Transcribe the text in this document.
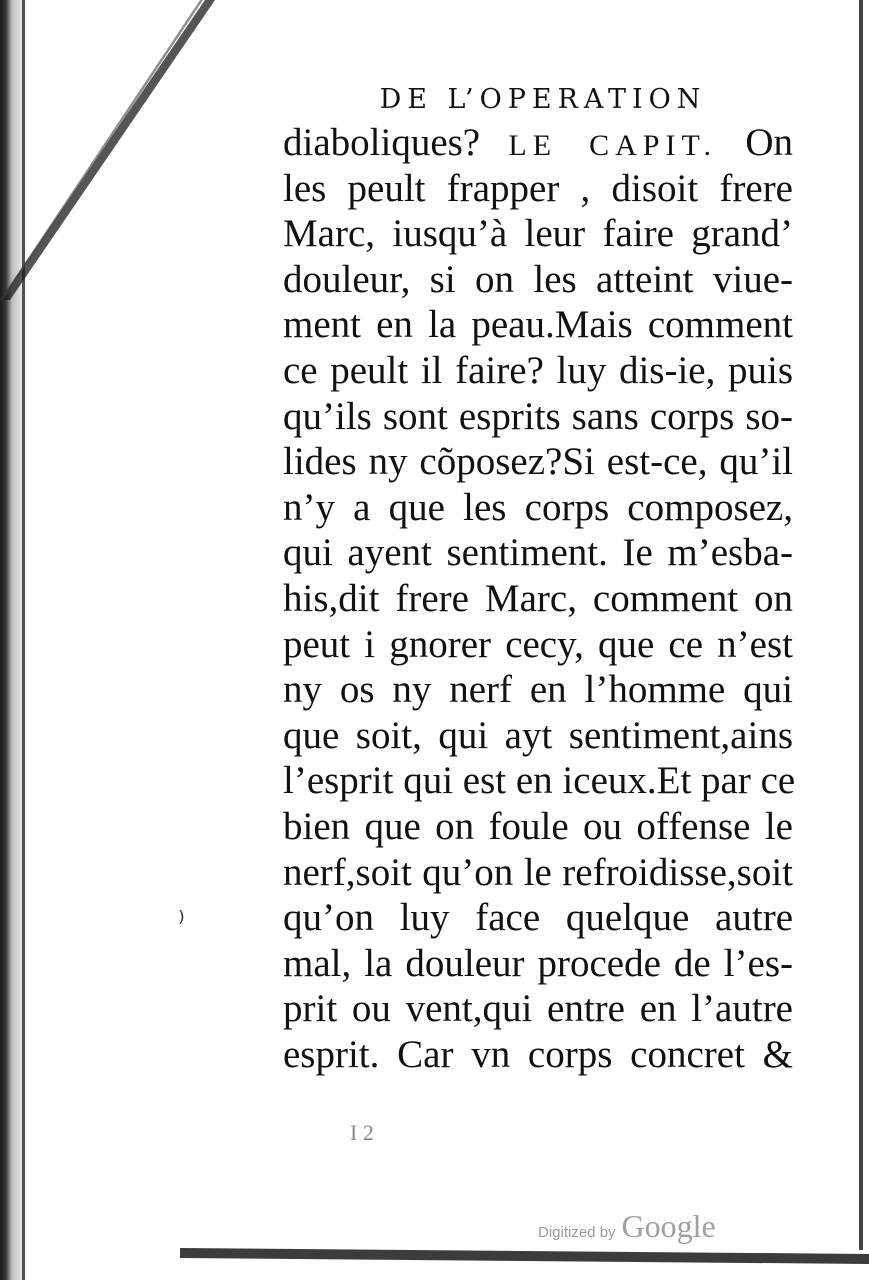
DE L’OPERATION
diaboliques? LE CAPIT. On
les peult frapper , disoit frere
Marc, iusqu’à leur faire grand’
douleur, si on les atteint viue-
ment en la peau.Mais comment
ce peult il faire? luy dis-ie, puis
qu’ils sont esprits sans corps so-
lides ny cõposez?Si est-ce, qu’il
n’y a que les corps composez,
qui ayent sentiment. Ie m’esba-
his,dit frere Marc, comment on
peut i gnorer cecy, que ce n’est
ny os ny nerf en l’homme qui
que soit, qui ayt sentiment,ains
l’esprit qui est en iceux.Et par ce
bien que on foule ou offense le
nerf,soit qu’on le refroidisse,soit
qu’on luy face quelque autre
mal, la douleur procede de l’es-
prit ou vent,qui entre en l’autre
esprit. Car vn corps concret &
⁾
I 2
Digitized by Google
